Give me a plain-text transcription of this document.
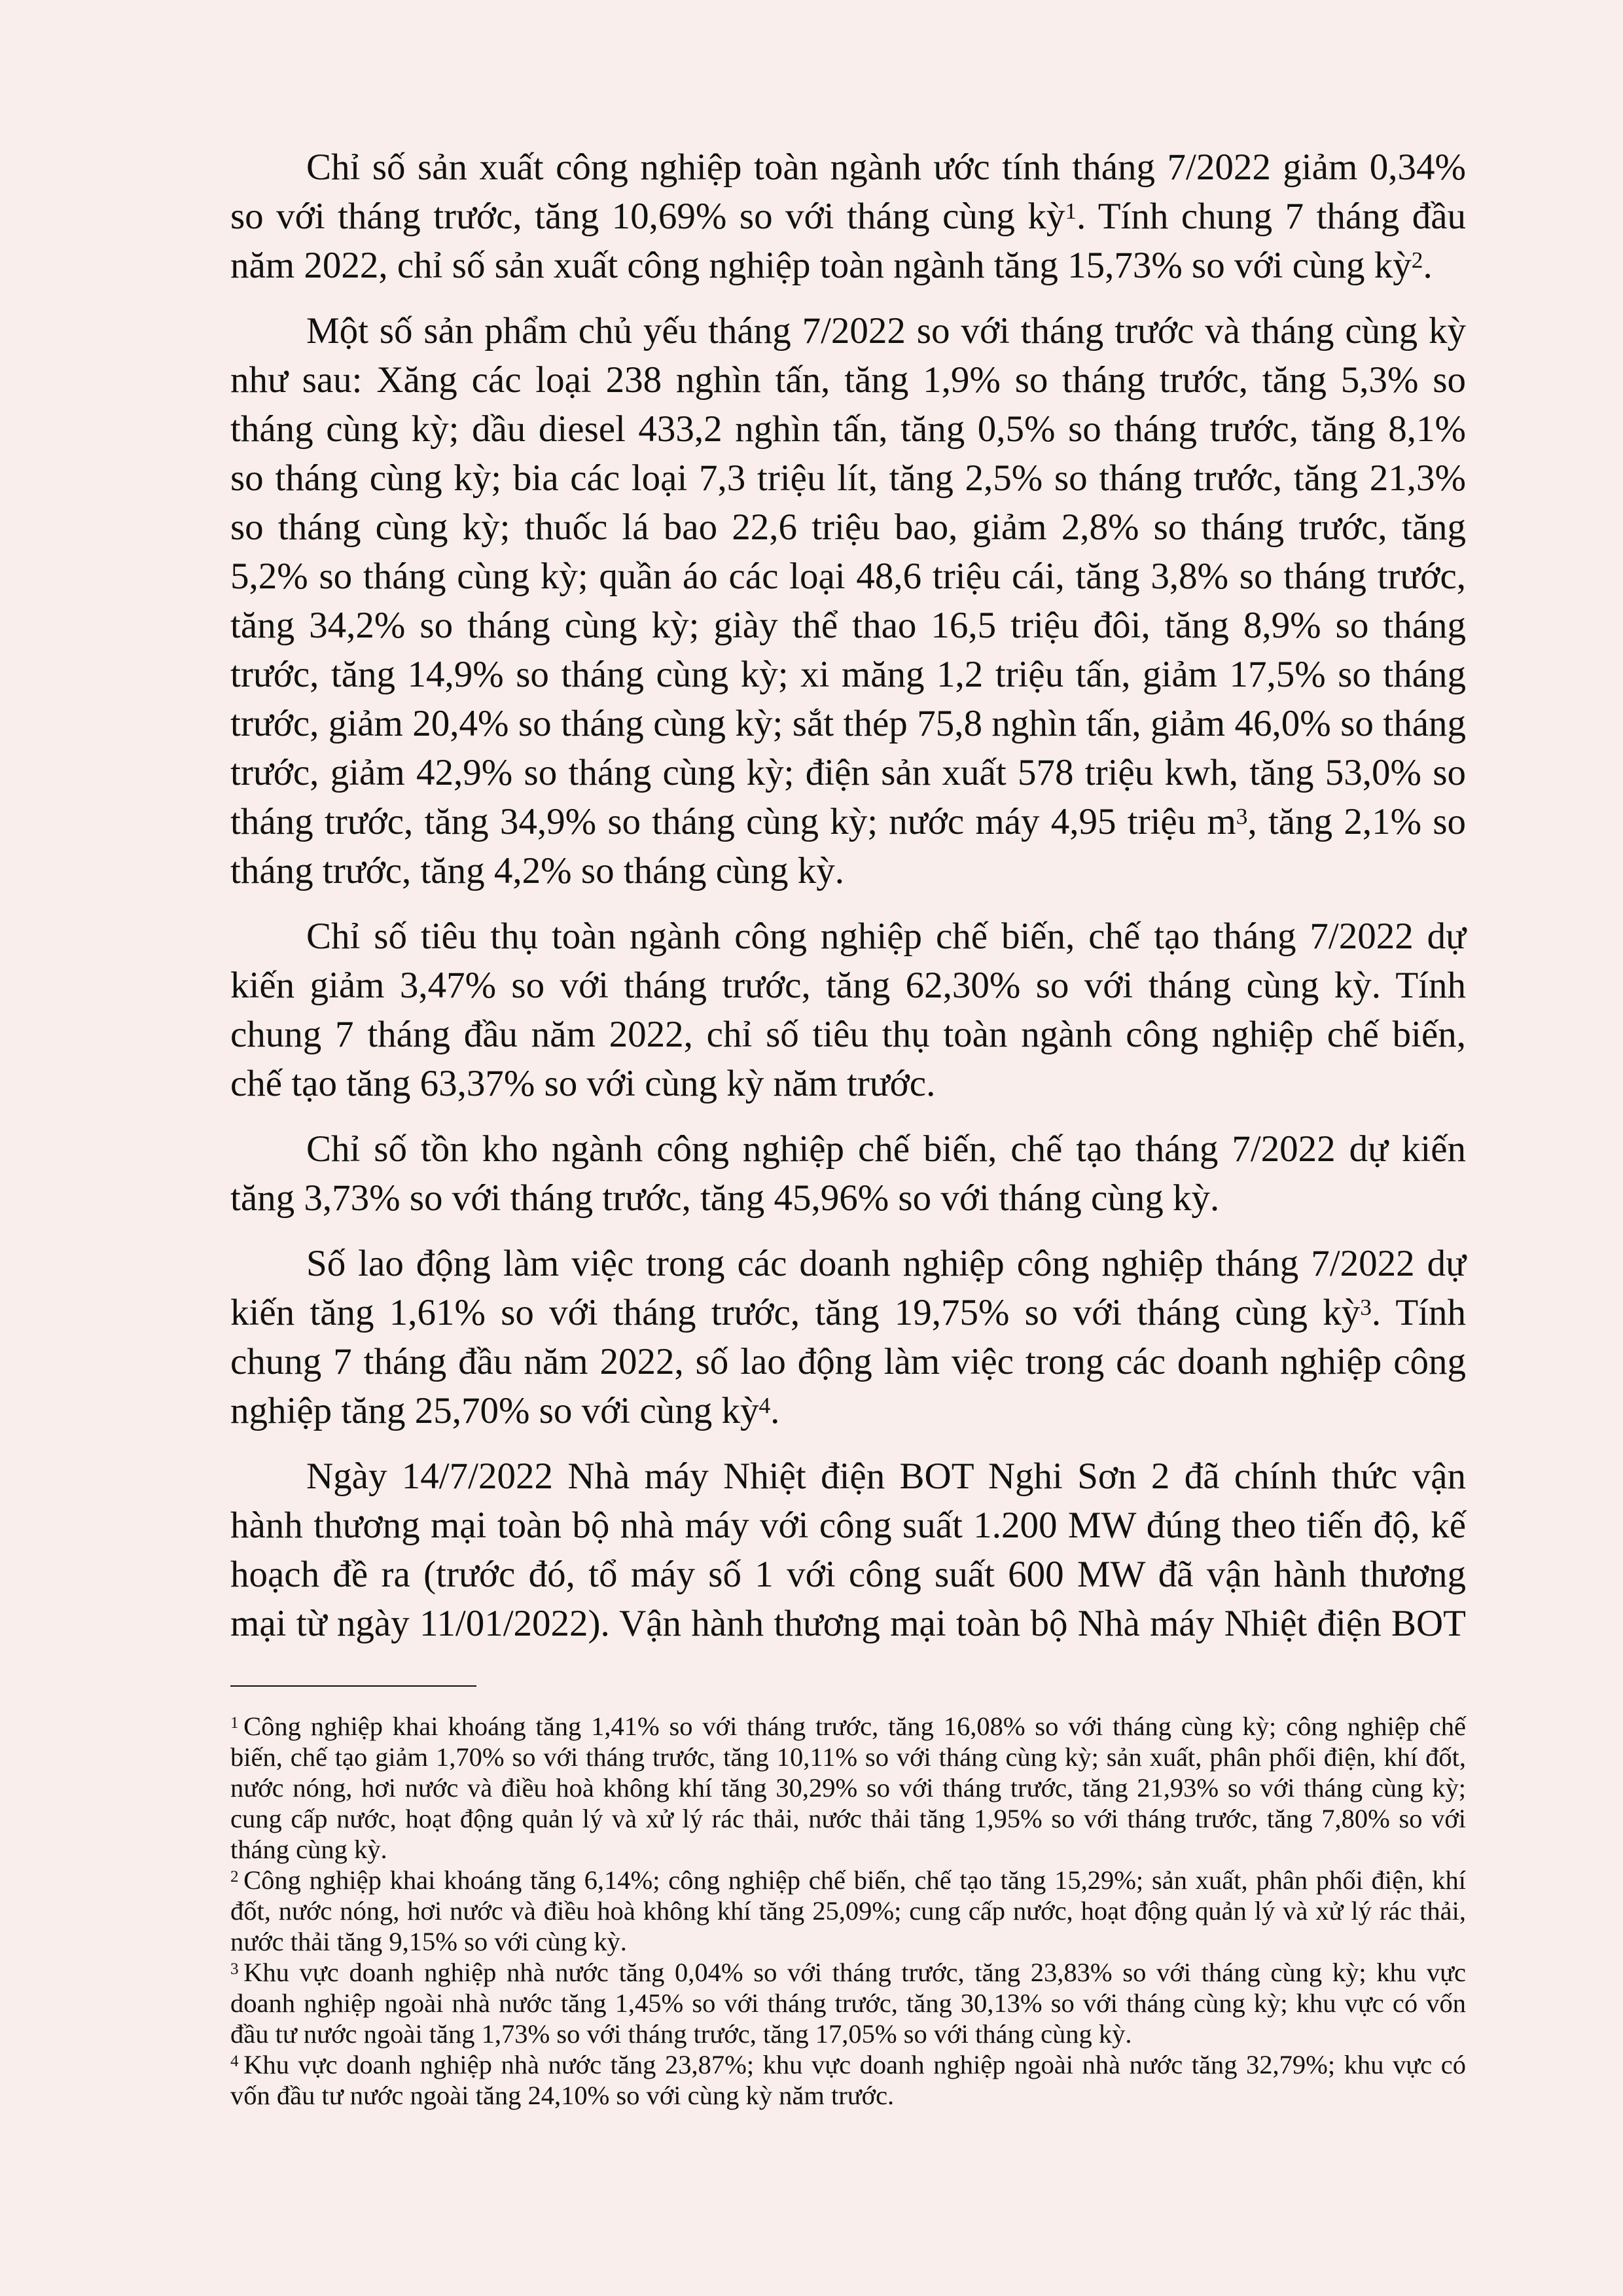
Chỉ số sản xuất công nghiệp toàn ngành ước tính tháng 7/2022 giảm 0,34%
so với tháng trước, tăng 10,69% so với tháng cùng kỳ$^1$. Tính chung 7 tháng đầu
năm 2022, chỉ số sản xuất công nghiệp toàn ngành tăng 15,73% so với cùng kỳ$^2$.
Một số sản phẩm chủ yếu tháng 7/2022 so với tháng trước và tháng cùng kỳ
như sau: Xăng các loại 238 nghìn tấn, tăng 1,9% so tháng trước, tăng 5,3% so
tháng cùng kỳ; dầu diesel 433,2 nghìn tấn, tăng 0,5% so tháng trước, tăng 8,1%
so tháng cùng kỳ; bia các loại 7,3 triệu lít, tăng 2,5% so tháng trước, tăng 21,3%
so tháng cùng kỳ; thuốc lá bao 22,6 triệu bao, giảm 2,8% so tháng trước, tăng
5,2% so tháng cùng kỳ; quần áo các loại 48,6 triệu cái, tăng 3,8% so tháng trước,
tăng 34,2% so tháng cùng kỳ; giày thể thao 16,5 triệu đôi, tăng 8,9% so tháng
trước, tăng 14,9% so tháng cùng kỳ; xi măng 1,2 triệu tấn, giảm 17,5% so tháng
trước, giảm 20,4% so tháng cùng kỳ; sắt thép 75,8 nghìn tấn, giảm 46,0% so tháng
trước, giảm 42,9% so tháng cùng kỳ; điện sản xuất 578 triệu kwh, tăng 53,0% so
tháng trước, tăng 34,9% so tháng cùng kỳ; nước máy 4,95 triệu $m^3$, tăng 2,1% so
tháng trước, tăng 4,2% so tháng cùng kỳ.
Chỉ số tiêu thụ toàn ngành công nghiệp chế biến, chế tạo tháng 7/2022 dự
kiến giảm 3,47% so với tháng trước, tăng 62,30% so với tháng cùng kỳ. Tính
chung 7 tháng đầu năm 2022, chỉ số tiêu thụ toàn ngành công nghiệp chế biến,
chế tạo tăng 63,37% so với cùng kỳ năm trước.
Chỉ số tồn kho ngành công nghiệp chế biến, chế tạo tháng 7/2022 dự kiến
tăng 3,73% so với tháng trước, tăng 45,96% so với tháng cùng kỳ.
Số lao động làm việc trong các doanh nghiệp công nghiệp tháng 7/2022 dự
kiến tăng 1,61% so với tháng trước, tăng 19,75% so với tháng cùng kỳ$^3$. Tính
chung 7 tháng đầu năm 2022, số lao động làm việc trong các doanh nghiệp công
nghiệp tăng 25,70% so với cùng kỳ$^4$.
Ngày 14/7/2022 Nhà máy Nhiệt điện BOT Nghi Sơn 2 đã chính thức vận
hành thương mại toàn bộ nhà máy với công suất 1.200 MW đúng theo tiến độ, kế
hoạch đề ra (trước đó, tổ máy số 1 với công suất 600 MW đã vận hành thương
mại từ ngày 11/01/2022). Vận hành thương mại toàn bộ Nhà máy Nhiệt điện BOT
$^1$ Công nghiệp khai khoáng tăng 1,41% so với tháng trước, tăng 16,08% so với tháng cùng kỳ; công nghiệp chế
biến, chế tạo giảm 1,70% so với tháng trước, tăng 10,11% so với tháng cùng kỳ; sản xuất, phân phối điện, khí đốt,
nước nóng, hơi nước và điều hoà không khí tăng 30,29% so với tháng trước, tăng 21,93% so với tháng cùng kỳ;
cung cấp nước, hoạt động quản lý và xử lý rác thải, nước thải tăng 1,95% so với tháng trước, tăng 7,80% so với
tháng cùng kỳ.
$^2$ Công nghiệp khai khoáng tăng 6,14%; công nghiệp chế biến, chế tạo tăng 15,29%; sản xuất, phân phối điện, khí
đốt, nước nóng, hơi nước và điều hoà không khí tăng 25,09%; cung cấp nước, hoạt động quản lý và xử lý rác thải,
nước thải tăng 9,15% so với cùng kỳ.
$^3$ Khu vực doanh nghiệp nhà nước tăng 0,04% so với tháng trước, tăng 23,83% so với tháng cùng kỳ; khu vực
doanh nghiệp ngoài nhà nước tăng 1,45% so với tháng trước, tăng 30,13% so với tháng cùng kỳ; khu vực có vốn
đầu tư nước ngoài tăng 1,73% so với tháng trước, tăng 17,05% so với tháng cùng kỳ.
$^4$ Khu vực doanh nghiệp nhà nước tăng 23,87%; khu vực doanh nghiệp ngoài nhà nước tăng 32,79%; khu vực có
vốn đầu tư nước ngoài tăng 24,10% so với cùng kỳ năm trước.
